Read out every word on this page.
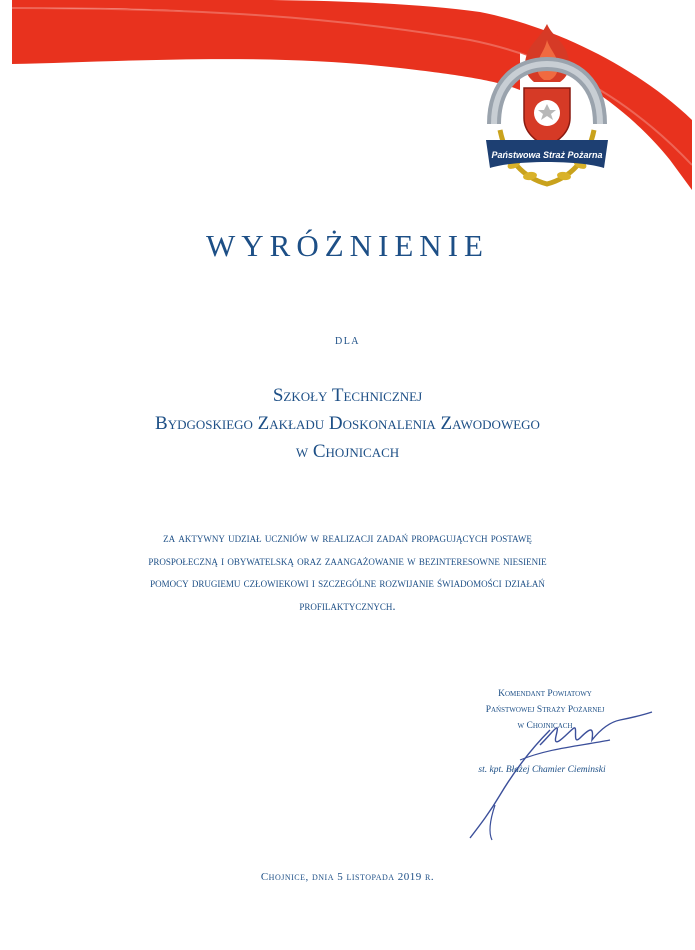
Państwowa Straż Pożarna
WYRÓŻNIENIE
dla
Szkoły Technicznej
Bydgoskiego Zakładu Doskonalenia Zawodowego
w Chojnicach
za aktywny udział uczniów w realizacji zadań propagujących postawę
prospołeczną i obywatelską oraz zaangażowanie w bezinteresowne niesienie
pomocy drugiemu człowiekowi i szczególne rozwijanie świadomości działań
profilaktycznych.
Komendant Powiatowy
Państwowej Straży Pożarnej
w Chojnicach
st. kpt. Błażej Chamier Cieminski
Chojnice, dnia 5 listopada 2019 r.
